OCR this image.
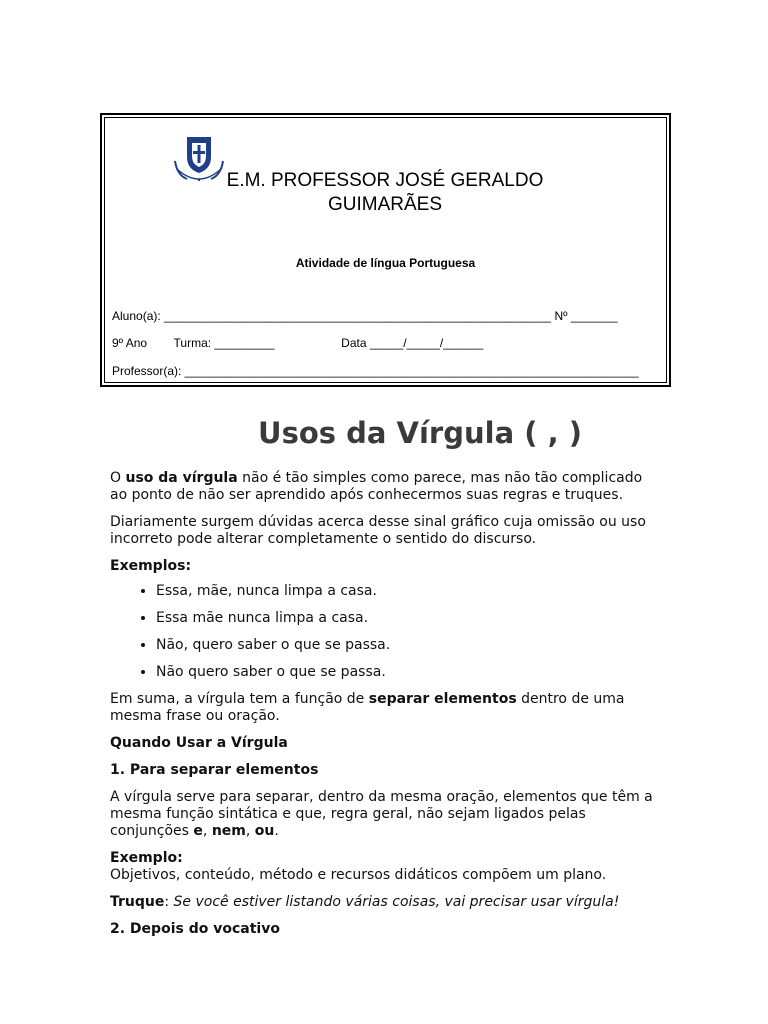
E.M. PROFESSOR JOSÉ GERALDO
GUIMARÃES
Atividade de língua Portuguesa
Aluno(a): __________________________________________________________ Nº _______
9º Ano        Turma: _________                    Data _____/_____/______
Professor(a): ____________________________________________________________________
Usos da Vírgula ( , )

O uso da vírgula não é tão simples como parece, mas não tão complicado ao ponto de não ser aprendido após conhecermos suas regras e truques.

Diariamente surgem dúvidas acerca desse sinal gráfico cuja omissão ou uso incorreto pode alterar completamente o sentido do discurso.

Exemplos:

• Essa, mãe, nunca limpa a casa.
• Essa mãe nunca limpa a casa.
• Não, quero saber o que se passa.
• Não quero saber o que se passa.

Em suma, a vírgula tem a função de separar elementos dentro de uma mesma frase ou oração.

Quando Usar a Vírgula

1. Para separar elementos

A vírgula serve para separar, dentro da mesma oração, elementos que têm a mesma função sintática e que, regra geral, não sejam ligados pelas conjunções e, nem, ou.

Exemplo:
Objetivos, conteúdo, método e recursos didáticos compõem um plano.

Truque: Se você estiver listando várias coisas, vai precisar usar vírgula!

2. Depois do vocativo
